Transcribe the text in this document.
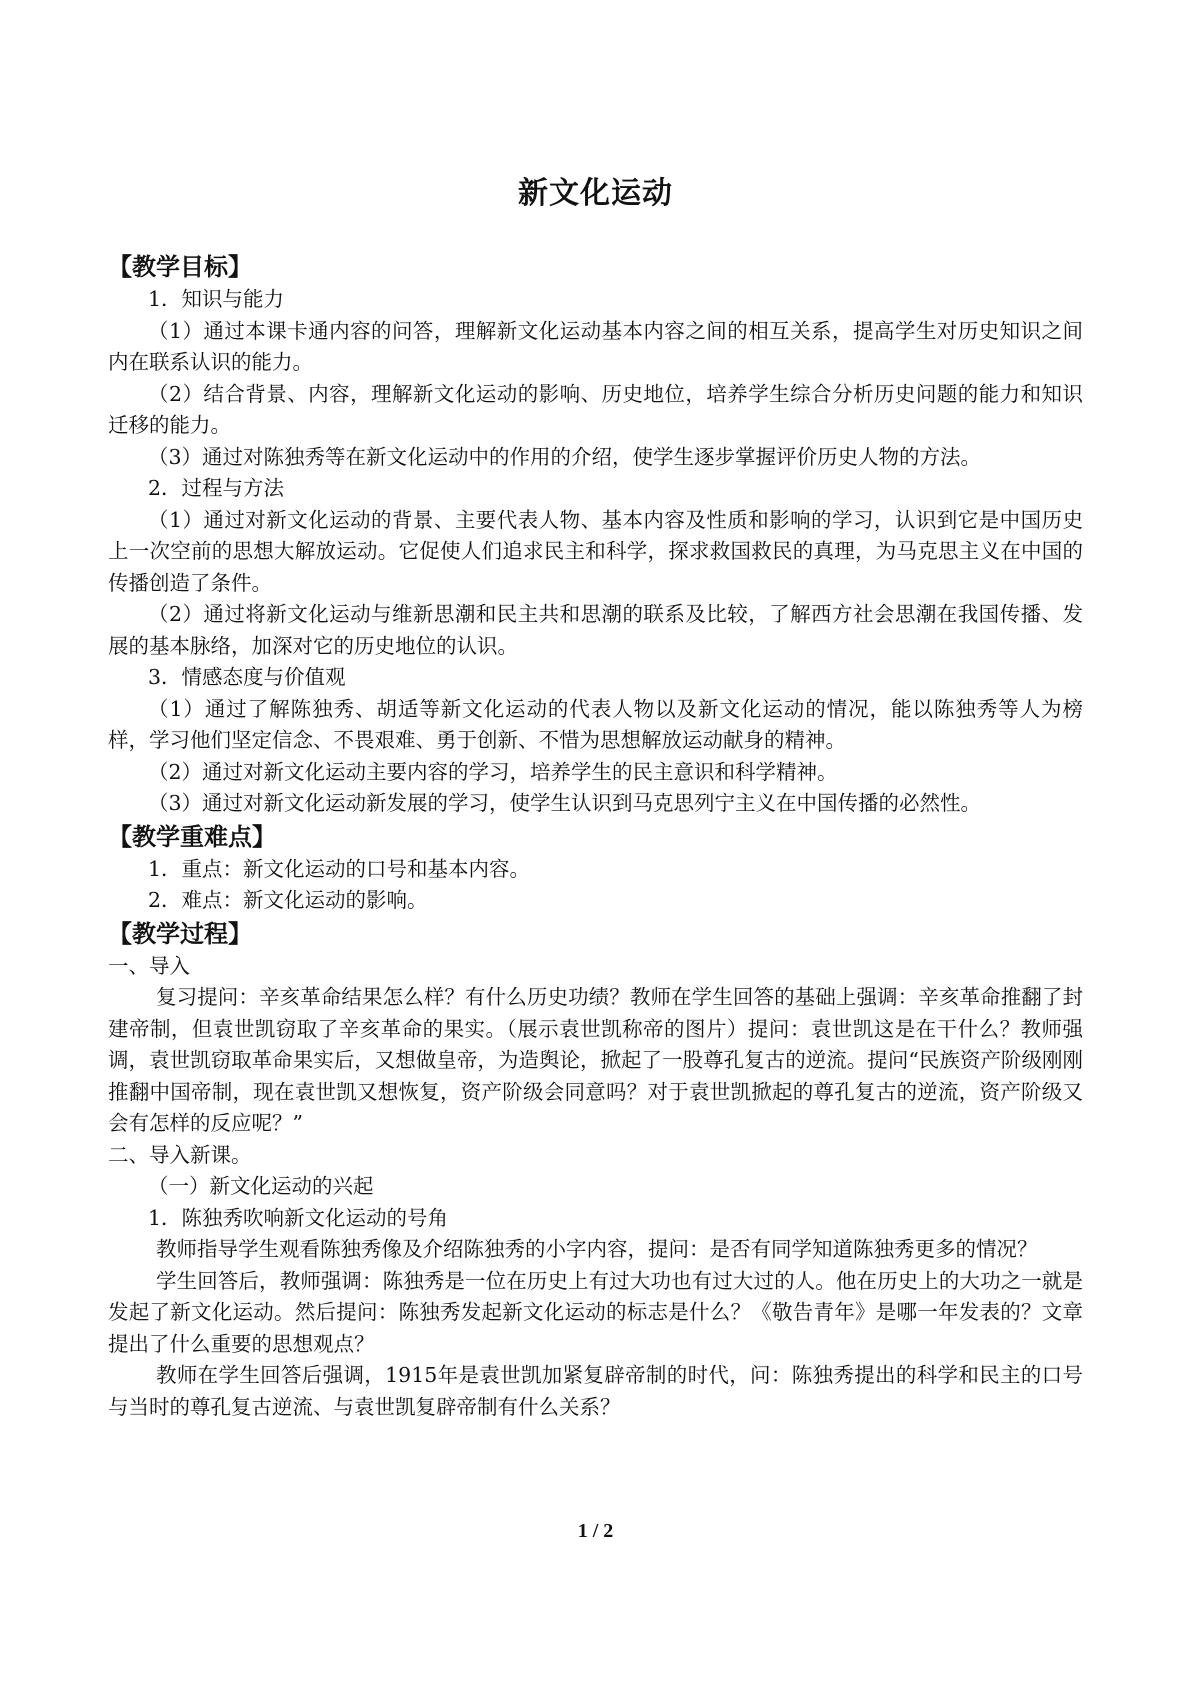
新文化运动

【教学目标】

1．知识与能力

（1）通过本课卡通内容的问答，理解新文化运动基本内容之间的相互关系，提高学生对历史知识之间内在联系认识的能力。

（2）结合背景、内容，理解新文化运动的影响、历史地位，培养学生综合分析历史问题的能力和知识迁移的能力。

（3）通过对陈独秀等在新文化运动中的作用的介绍，使学生逐步掌握评价历史人物的方法。

2．过程与方法

（1）通过对新文化运动的背景、主要代表人物、基本内容及性质和影响的学习，认识到它是中国历史上一次空前的思想大解放运动。它促使人们追求民主和科学，探求救国救民的真理，为马克思主义在中国的传播创造了条件。

（2）通过将新文化运动与维新思潮和民主共和思潮的联系及比较，了解西方社会思潮在我国传播、发展的基本脉络，加深对它的历史地位的认识。

3．情感态度与价值观

（1）通过了解陈独秀、胡适等新文化运动的代表人物以及新文化运动的情况，能以陈独秀等人为榜样，学习他们坚定信念、不畏艰难、勇于创新、不惜为思想解放运动献身的精神。

（2）通过对新文化运动主要内容的学习，培养学生的民主意识和科学精神。

（3）通过对新文化运动新发展的学习，使学生认识到马克思列宁主义在中国传播的必然性。

【教学重难点】

1．重点：新文化运动的口号和基本内容。

2．难点：新文化运动的影响。

【教学过程】

一、导入

复习提问：辛亥革命结果怎么样？有什么历史功绩？教师在学生回答的基础上强调：辛亥革命推翻了封建帝制，但袁世凯窃取了辛亥革命的果实。（展示袁世凯称帝的图片）提问：袁世凯这是在干什么？教师强调，袁世凯窃取革命果实后，又想做皇帝，为造舆论，掀起了一股尊孔复古的逆流。提问“民族资产阶级刚刚推翻中国帝制，现在袁世凯又想恢复，资产阶级会同意吗？对于袁世凯掀起的尊孔复古的逆流，资产阶级又会有怎样的反应呢？”

二、导入新课。

（一）新文化运动的兴起

1．陈独秀吹响新文化运动的号角

教师指导学生观看陈独秀像及介绍陈独秀的小字内容，提问：是否有同学知道陈独秀更多的情况？

学生回答后，教师强调：陈独秀是一位在历史上有过大功也有过大过的人。他在历史上的大功之一就是发起了新文化运动。然后提问：陈独秀发起新文化运动的标志是什么？《敬告青年》是哪一年发表的？文章提出了什么重要的思想观点？

教师在学生回答后强调，1915年是袁世凯加紧复辟帝制的时代，问：陈独秀提出的科学和民主的口号与当时的尊孔复古逆流、与袁世凯复辟帝制有什么关系？

1 / 2
